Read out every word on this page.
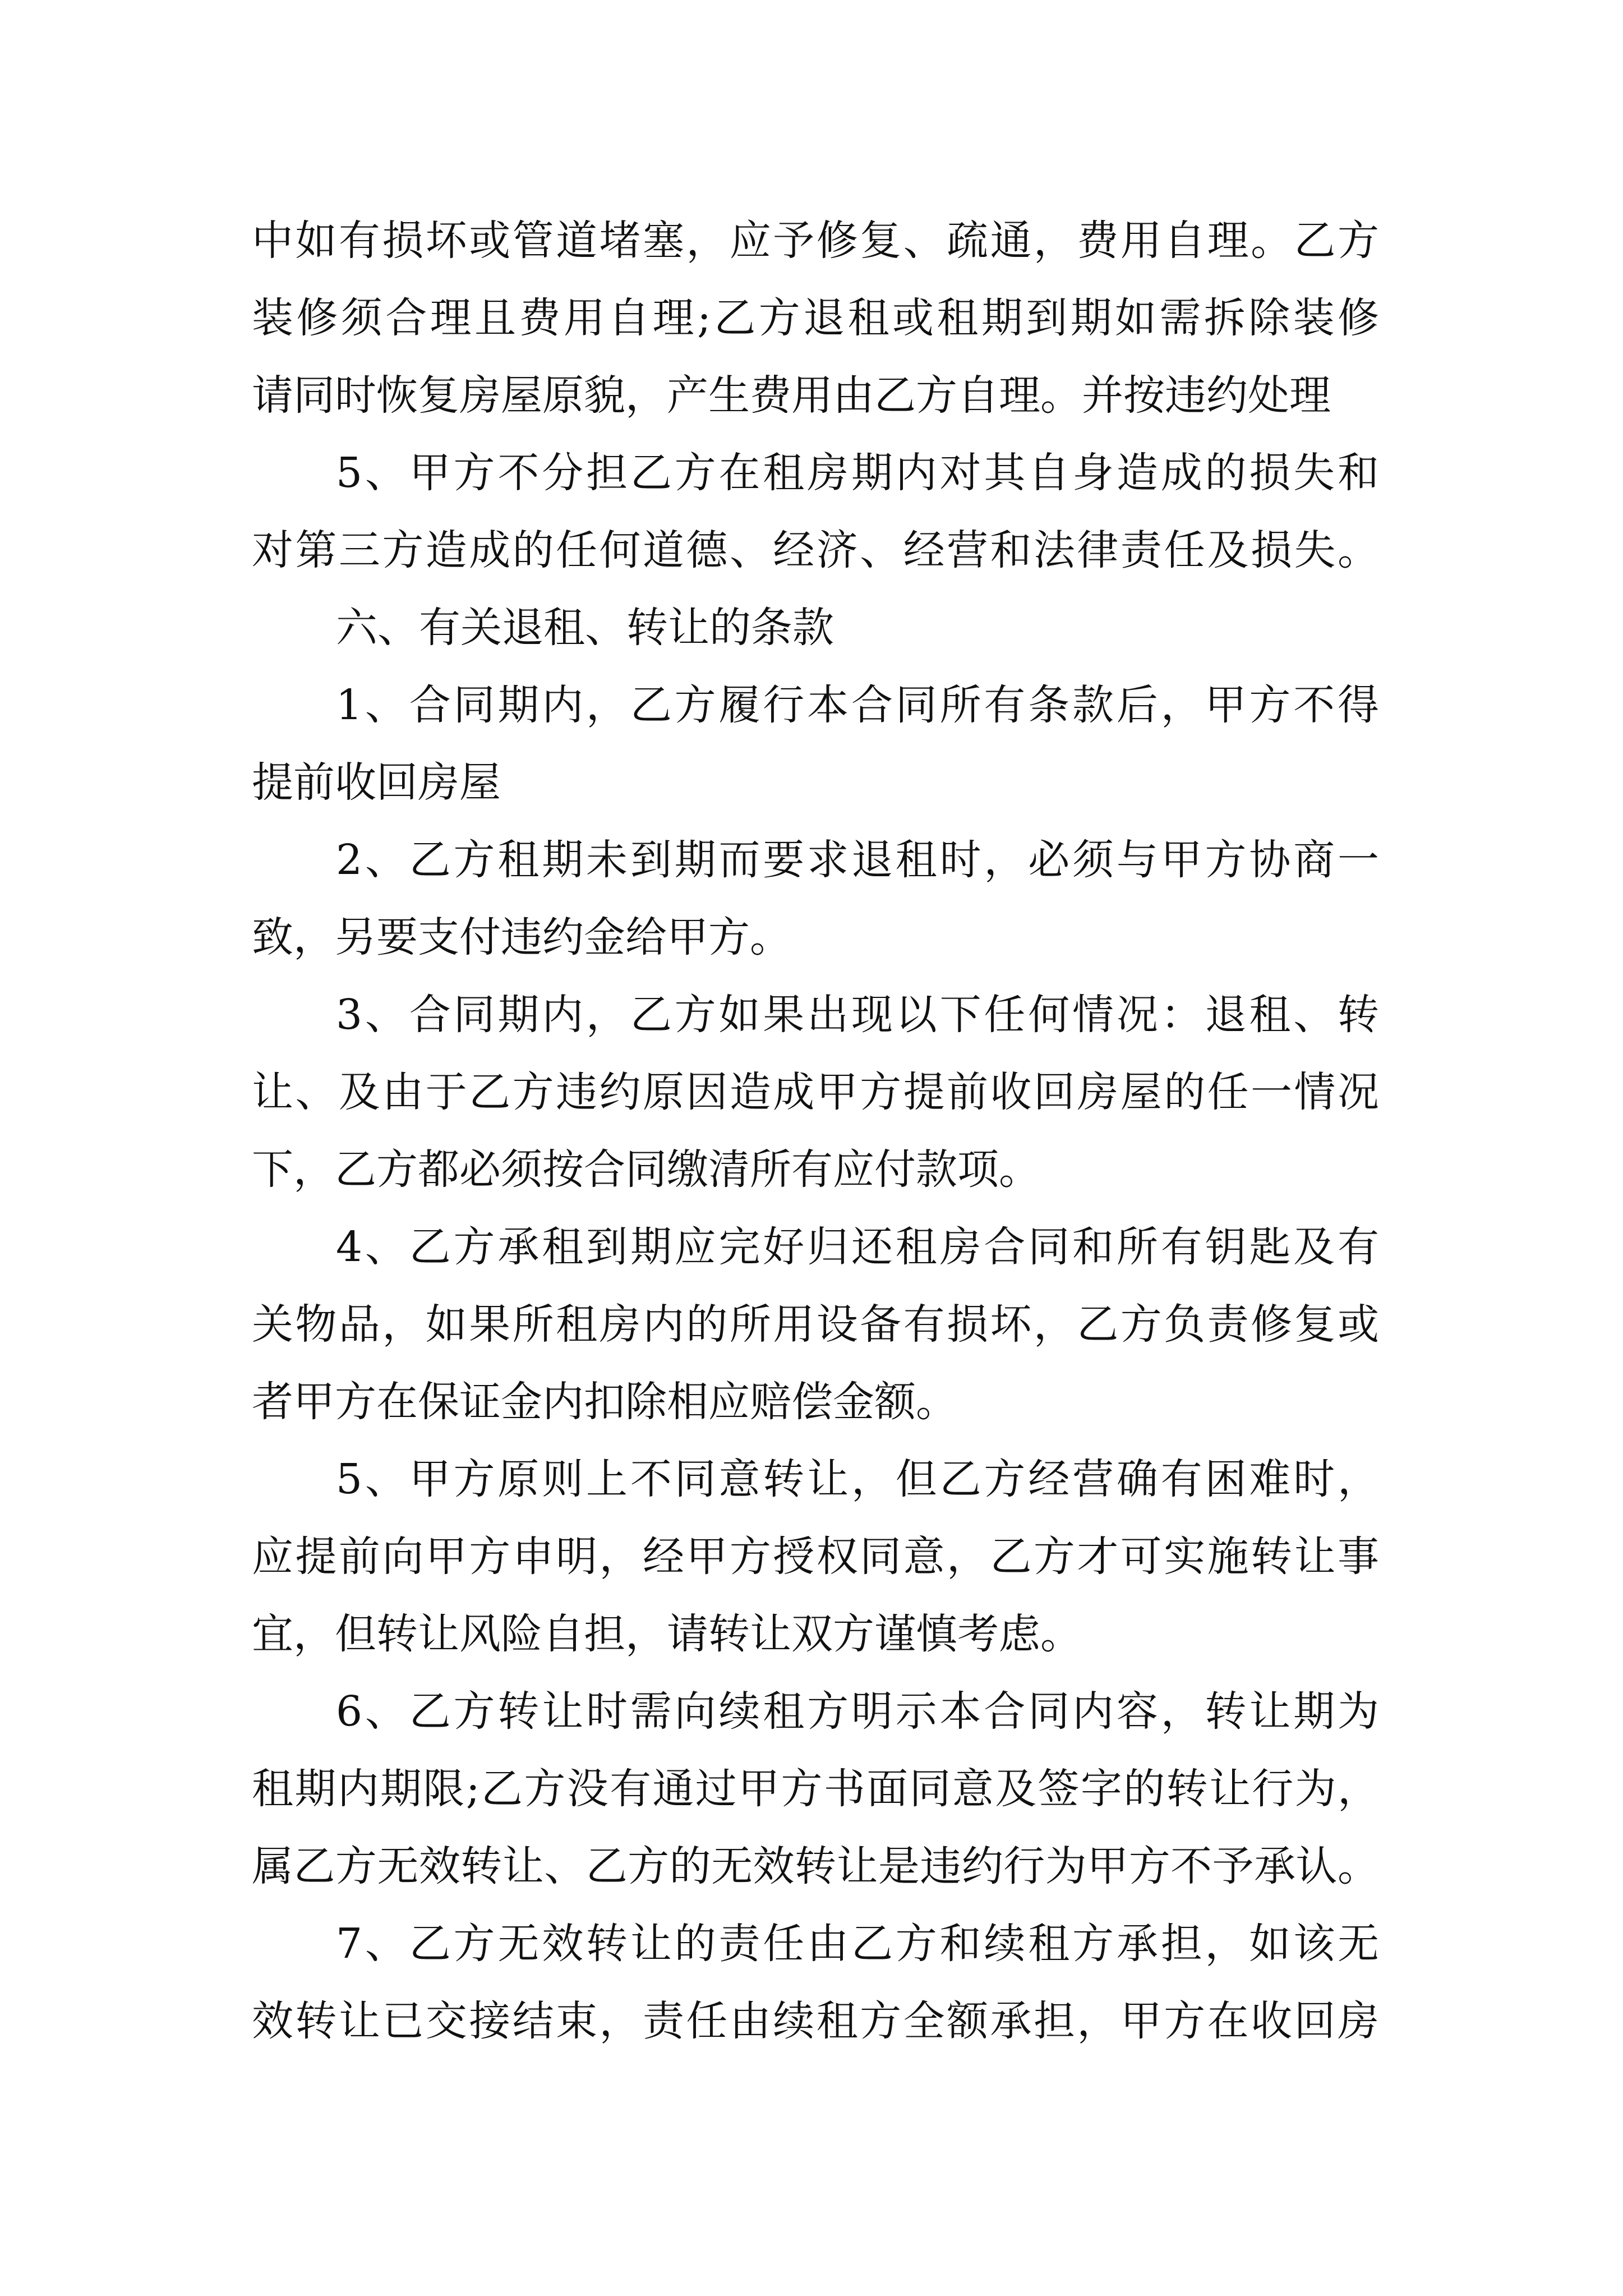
中如有损坏或管道堵塞，应予修复、疏通，费用自理。乙方
装修须合理且费用自理;乙方退租或租期到期如需拆除装修
请同时恢复房屋原貌，产生费用由乙方自理。并按违约处理
5、甲方不分担乙方在租房期内对其自身造成的损失和
对第三方造成的任何道德、经济、经营和法律责任及损失。
六、有关退租、转让的条款
1、合同期内，乙方履行本合同所有条款后，甲方不得
提前收回房屋
2、乙方租期未到期而要求退租时，必须与甲方协商一
致，另要支付违约金给甲方。
3、合同期内，乙方如果出现以下任何情况：退租、转
让、及由于乙方违约原因造成甲方提前收回房屋的任一情况
下，乙方都必须按合同缴清所有应付款项。
4、乙方承租到期应完好归还租房合同和所有钥匙及有
关物品，如果所租房内的所用设备有损坏，乙方负责修复或
者甲方在保证金内扣除相应赔偿金额。
5、甲方原则上不同意转让，但乙方经营确有困难时，
应提前向甲方申明，经甲方授权同意，乙方才可实施转让事
宜，但转让风险自担，请转让双方谨慎考虑。
6、乙方转让时需向续租方明示本合同内容，转让期为
租期内期限;乙方没有通过甲方书面同意及签字的转让行为，
属乙方无效转让、乙方的无效转让是违约行为甲方不予承认。
7、乙方无效转让的责任由乙方和续租方承担，如该无
效转让已交接结束，责任由续租方全额承担，甲方在收回房
